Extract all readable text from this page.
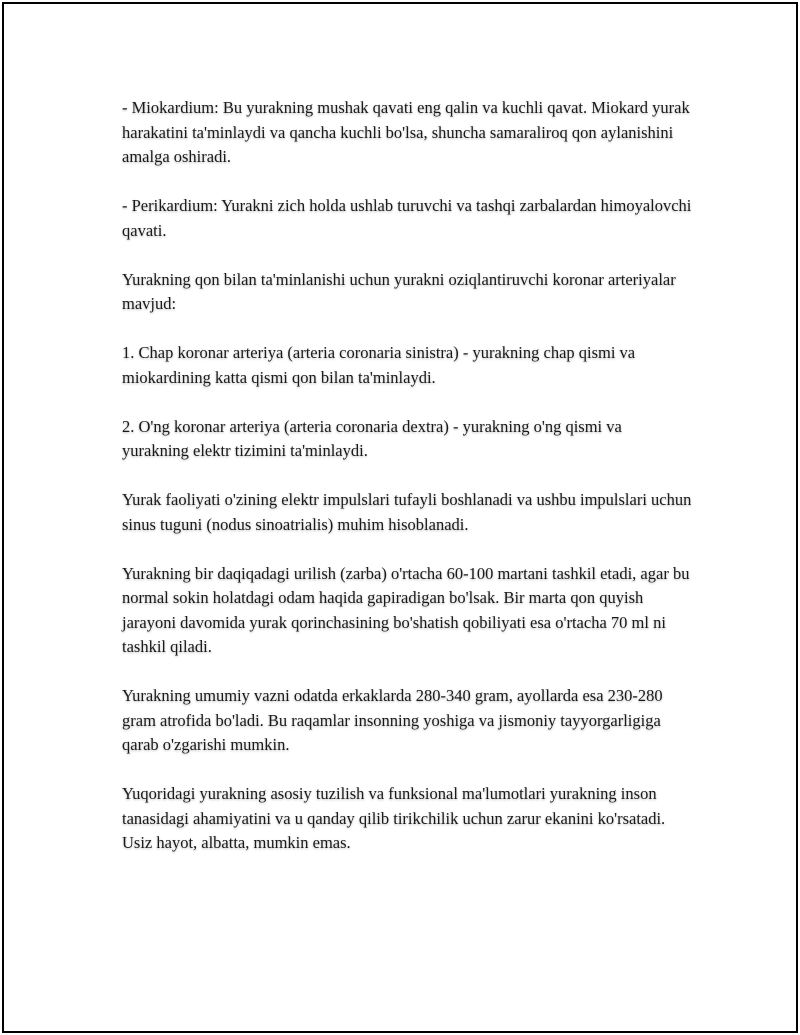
- Miokardium: Bu yurakning mushak qavati eng qalin va kuchli qavat. Miokard yurak harakatini ta'minlaydi va qancha kuchli bo'lsa, shuncha samaraliroq qon aylanishini amalga oshiradi.

- Perikardium: Yurakni zich holda ushlab turuvchi va tashqi zarbalardan himoyalovchi qavati.

Yurakning qon bilan ta'minlanishi uchun yurakni oziqlantiruvchi koronar arteriyalar mavjud:

1. Chap koronar arteriya (arteria coronaria sinistra) - yurakning chap qismi va miokardining katta qismi qon bilan ta'minlaydi.

2. O'ng koronar arteriya (arteria coronaria dextra) - yurakning o'ng qismi va yurakning elektr tizimini ta'minlaydi.

Yurak faoliyati o'zining elektr impulslari tufayli boshlanadi va ushbu impulslari uchun sinus tuguni (nodus sinoatrialis) muhim hisoblanadi.

Yurakning bir daqiqadagi urilish (zarba) o'rtacha 60-100 martani tashkil etadi, agar bu normal sokin holatdagi odam haqida gapiradigan bo'lsak. Bir marta qon quyish jarayoni davomida yurak qorinchasining bo'shatish qobiliyati esa o'rtacha 70 ml ni tashkil qiladi.

Yurakning umumiy vazni odatda erkaklarda 280-340 gram, ayollarda esa 230-280 gram atrofida bo'ladi. Bu raqamlar insonning yoshiga va jismoniy tayyorgarligiga qarab o'zgarishi mumkin.

Yuqoridagi yurakning asosiy tuzilish va funksional ma'lumotlari yurakning inson tanasidagi ahamiyatini va u qanday qilib tirikchilik uchun zarur ekanini ko'rsatadi. Usiz hayot, albatta, mumkin emas.
